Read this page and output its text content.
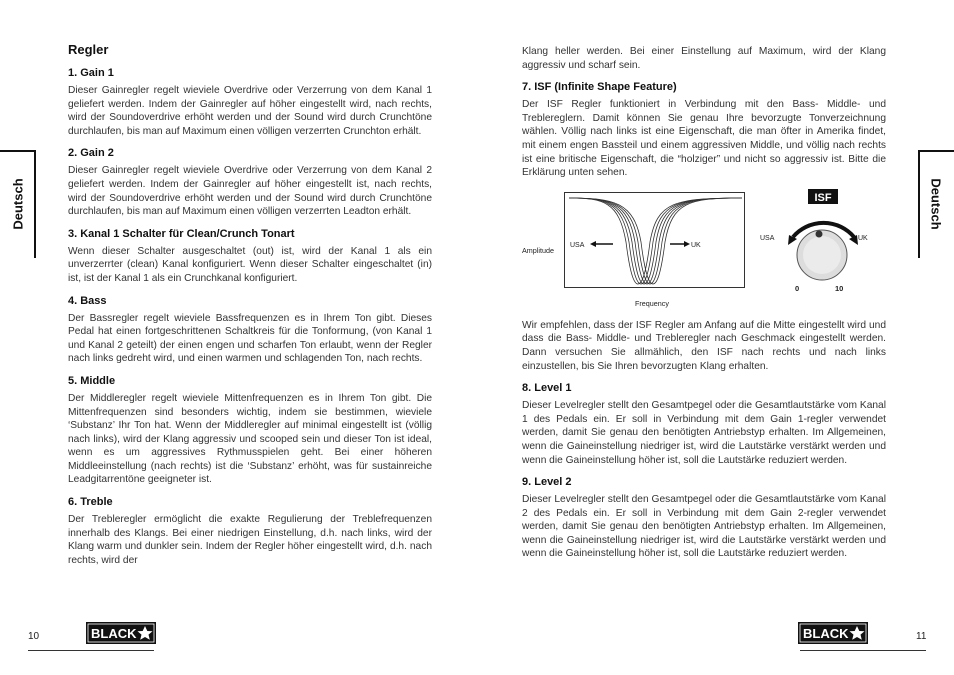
Regler
1. Gain 1

Dieser Gainregler regelt wieviele Overdrive oder Verzerrung von dem Kanal 1 geliefert werden. Indem der Gainregler auf höher eingestellt wird, nach rechts, wird der Soundoverdrive erhöht werden und der Sound wird durch Crunchtöne durchlaufen, bis man auf Maximum einen völligen verzerrten Crunchton erhält.

2. Gain 2

Dieser Gainregler regelt wieviele Overdrive oder Verzerrung von dem Kanal 2 geliefert werden. Indem der Gainregler auf höher eingestellt ist, nach rechts, wird der Soundoverdrive erhöht werden und der Sound wird durch Crunchtöne durchlaufen, bis man auf Maximum einen völligen verzerrten Leadton erhält.

3. Kanal 1 Schalter für Clean/Crunch Tonart

Wenn dieser Schalter ausgeschaltet (out) ist, wird der Kanal 1 als ein unverzerrter (clean) Kanal konfiguriert. Wenn dieser Schalter eingeschaltet (in) ist, ist der Kanal 1 als ein Crunchkanal konfiguriert.

4. Bass

Der Bassregler regelt wieviele Bassfrequenzen es in Ihrem Ton gibt. Dieses Pedal hat einen fortgeschrittenen Schaltkreis für die Tonformung, (von Kanal 1 und Kanal 2 geteilt) der einen engen und scharfen Ton erlaubt, wenn der Regler nach links gedreht wird, und einen warmen und schlagenden Ton, nach rechts.

5. Middle

Der Middleregler regelt wieviele Mittenfrequenzen es in Ihrem Ton gibt. Die Mittenfrequenzen sind besonders wichtig, indem sie bestimmen, wieviele ‘Substanz’ Ihr Ton hat. Wenn der Middleregler auf minimal eingestellt ist (völlig nach links), wird der Klang aggressiv und scooped sein und dieser Ton ist ideal, wenn es um aggressives Rythmusspielen geht. Bei einer höheren Middleeinstellung (nach rechts) ist die ‘Substanz’ erhöht, was für sustainreiche Leadgitarrentöne geeigneter ist.

6. Treble

Der Trebleregler ermöglicht die exakte Regulierung der Treblefrequenzen innerhalb des Klangs. Bei einer niedrigen Einstellung, d.h. nach links, wird der Klang warm und dunkler sein. Indem der Regler höher eingestellt wird, d.h. nach rechts, wird der

Deutsch
10	BLACK

Klang heller werden. Bei einer Einstellung auf Maximum, wird der Klang aggressiv und scharf sein.

7. ISF (Infinite Shape Feature)

Der ISF Regler funktioniert in Verbindung mit den Bass- Middle- und Treblereglern. Damit können Sie genau Ihre bevorzugte Tonverzeichnung wählen. Völlig nach links ist eine Eigenschaft, die man öfter in Amerika findet, mit einem engen Bassteil und einem aggressiven Middle, und völlig nach rechts ist eine britische Eigenschaft, die “holziger” und nicht so aggressiv ist. Bitte die Erklärung unten sehen.

Amplitude
USA	UK
Frequency
ISF
USA	UK
0	10

Wir empfehlen, dass der ISF Regler am Anfang auf die Mitte eingestellt wird und dass die Bass- Middle- und Trebleregler nach Geschmack eingestellt werden. Dann versuchen Sie allmählich, den ISF nach rechts und nach links einzustellen, bis Sie Ihren bevorzugten Klang erhalten.

8. Level 1

Dieser Levelregler stellt den Gesamtpegel oder die Gesamtlautstärke vom Kanal 1 des Pedals ein. Er soll in Verbindung mit dem Gain 1-regler verwendet werden, damit Sie genau den benötigten Antriebstyp erhalten. Im Allgemeinen, wenn die Gaineinstellung niedriger ist, wird die Lautstärke verstärkt werden und wenn die Gaineinstellung höher ist, soll die Lautstärke reduziert werden.

9. Level 2

Dieser Levelregler stellt den Gesamtpegel oder die Gesamtlautstärke vom Kanal 2 des Pedals ein. Er soll in Verbindung mit dem Gain 2-regler verwendet werden, damit Sie genau den benötigten Antriebstyp erhalten. Im Allgemeinen, wenn die Gaineinstellung niedriger ist, wird die Lautstärke verstärkt werden und wenn die Gaineinstellung höher ist, soll die Lautstärke reduziert werden.

Deutsch
11
BLACK
